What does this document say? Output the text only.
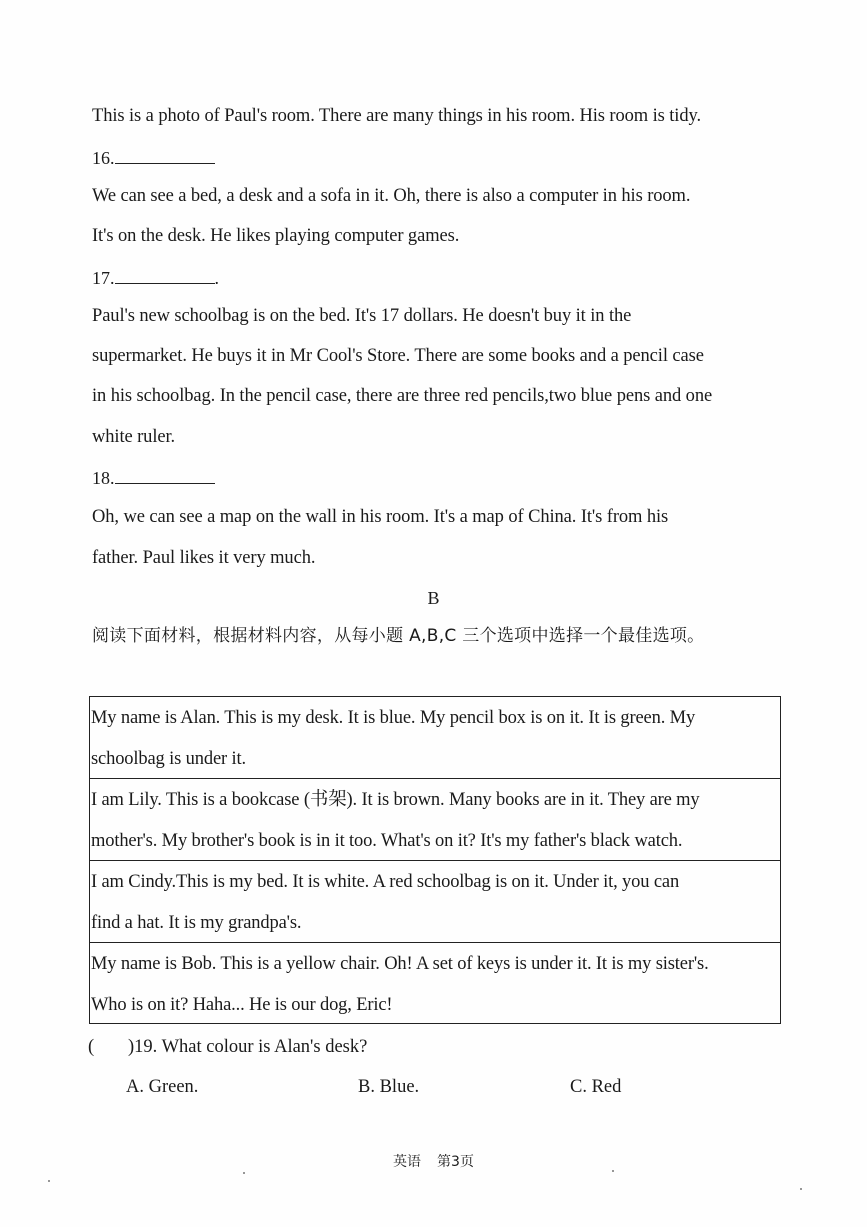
This is a photo of Paul's room. There are many things in his room. His room is tidy.
16.
We can see a bed, a desk and a sofa in it. Oh, there is also a computer in his room.
It's on the desk. He likes playing computer games.
17.	.
Paul's new schoolbag is on the bed. It's 17 dollars. He doesn't buy it in the
supermarket. He buys it in Mr Cool's Store. There are some books and a pencil case
in his schoolbag. In the pencil case, there are three red pencils,two blue pens and one
white ruler.
18.
Oh, we can see a map on the wall in his room. It's a map of China. It's from his
father. Paul likes it very much.
B
阅读下面材料，根据材料内容，从每小题 A,B,C 三个选项中选择一个最佳选项。
My name is Alan. This is my desk. It is blue. My pencil box is on it. It is green. My
schoolbag is under it.
I am Lily. This is a bookcase (书架). It is brown. Many books are in it. They are my
mother's. My brother's book is in it too. What's on it? It's my father's black watch.
I am Cindy.This is my bed. It is white. A red schoolbag is on it. Under it, you can
find a hat. It is my grandpa's.
My name is Bob. This is a yellow chair. Oh! A set of keys is under it. It is my sister's.
Who is on it? Haha... He is our dog, Eric!
( )19. What colour is Alan's desk?
A. Green.	B. Blue.	C. Red
英语 第3页
